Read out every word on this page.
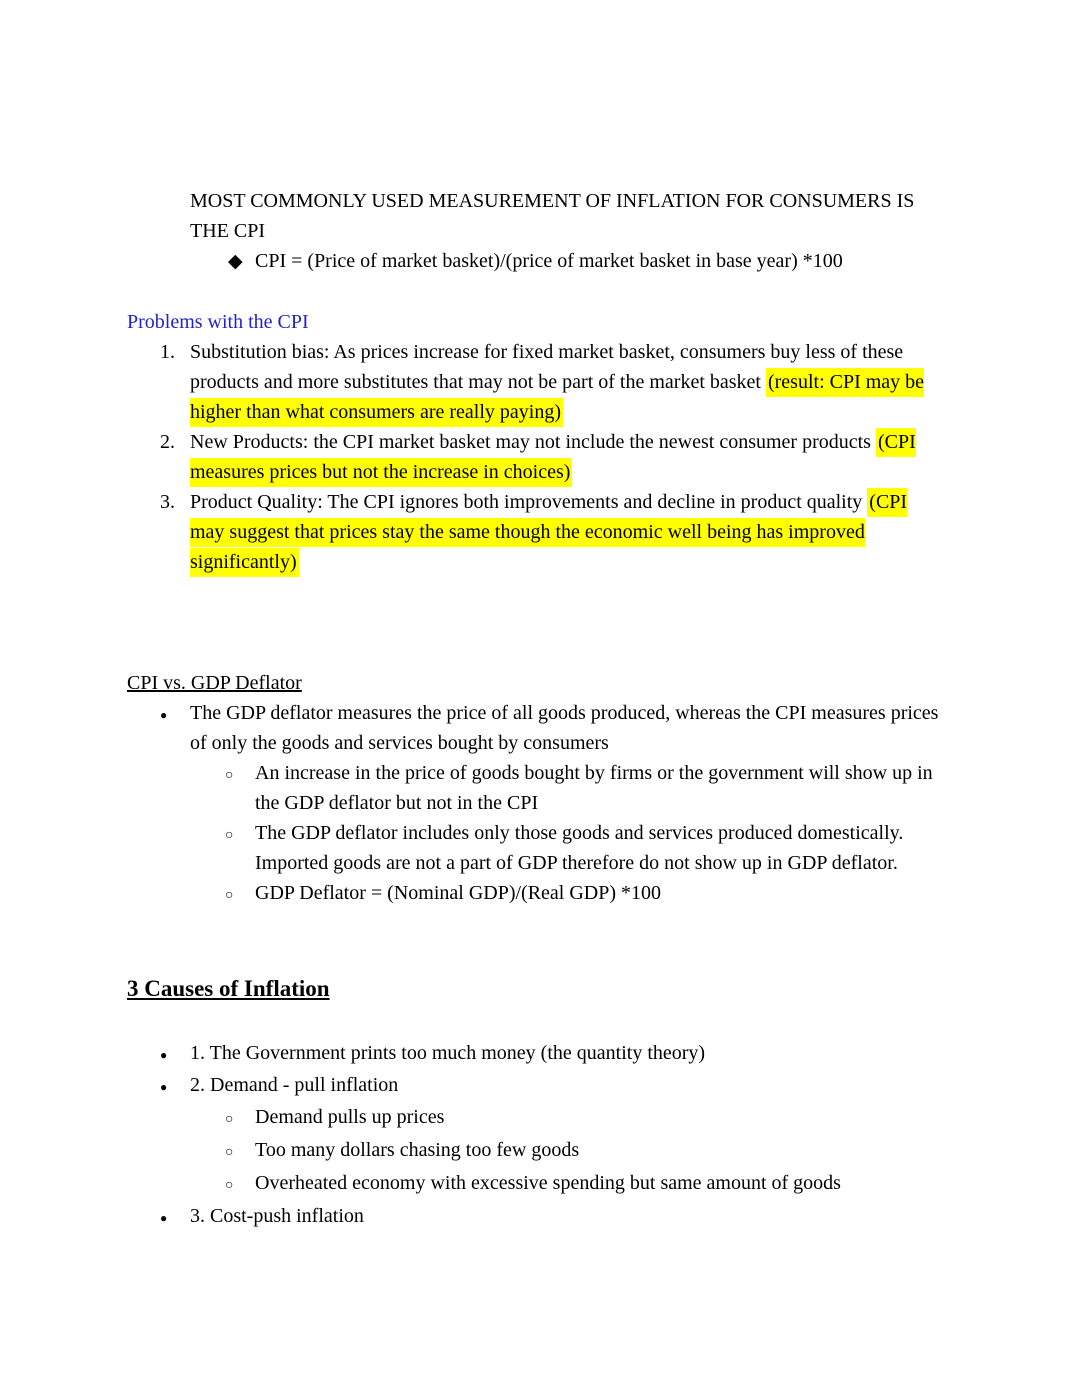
MOST COMMONLY USED MEASUREMENT OF INFLATION FOR CONSUMERS IS THE CPI

◆ CPI = (Price of market basket)/(price of market basket in base year) *100
Problems with the CPI
1. Substitution bias: As prices increase for fixed market basket, consumers buy less of these products and more substitutes that may not be part of the market basket (result: CPI may be higher than what consumers are really paying)
2. New Products: the CPI market basket may not include the newest consumer products (CPI measures prices but not the increase in choices)
3. Product Quality: The CPI ignores both improvements and decline in product quality (CPI may suggest that prices stay the same though the economic well being has improved significantly)
CPI vs. GDP Deflator
●	The GDP deflator measures the price of all goods produced, whereas the CPI measures prices of only the goods and services bought by consumers
○	An increase in the price of goods bought by firms or the government will show up in the GDP deflator but not in the CPI
○	The GDP deflator includes only those goods and services produced domestically. Imported goods are not a part of GDP therefore do not show up in GDP deflator.
○	GDP Deflator = (Nominal GDP)/(Real GDP) *100
3 Causes of Inflation
●	1. The Government prints too much money (the quantity theory)
●	2. Demand - pull inflation
○	Demand pulls up prices
○	Too many dollars chasing too few goods
○	Overheated economy with excessive spending but same amount of goods
●	3. Cost-push inflation
